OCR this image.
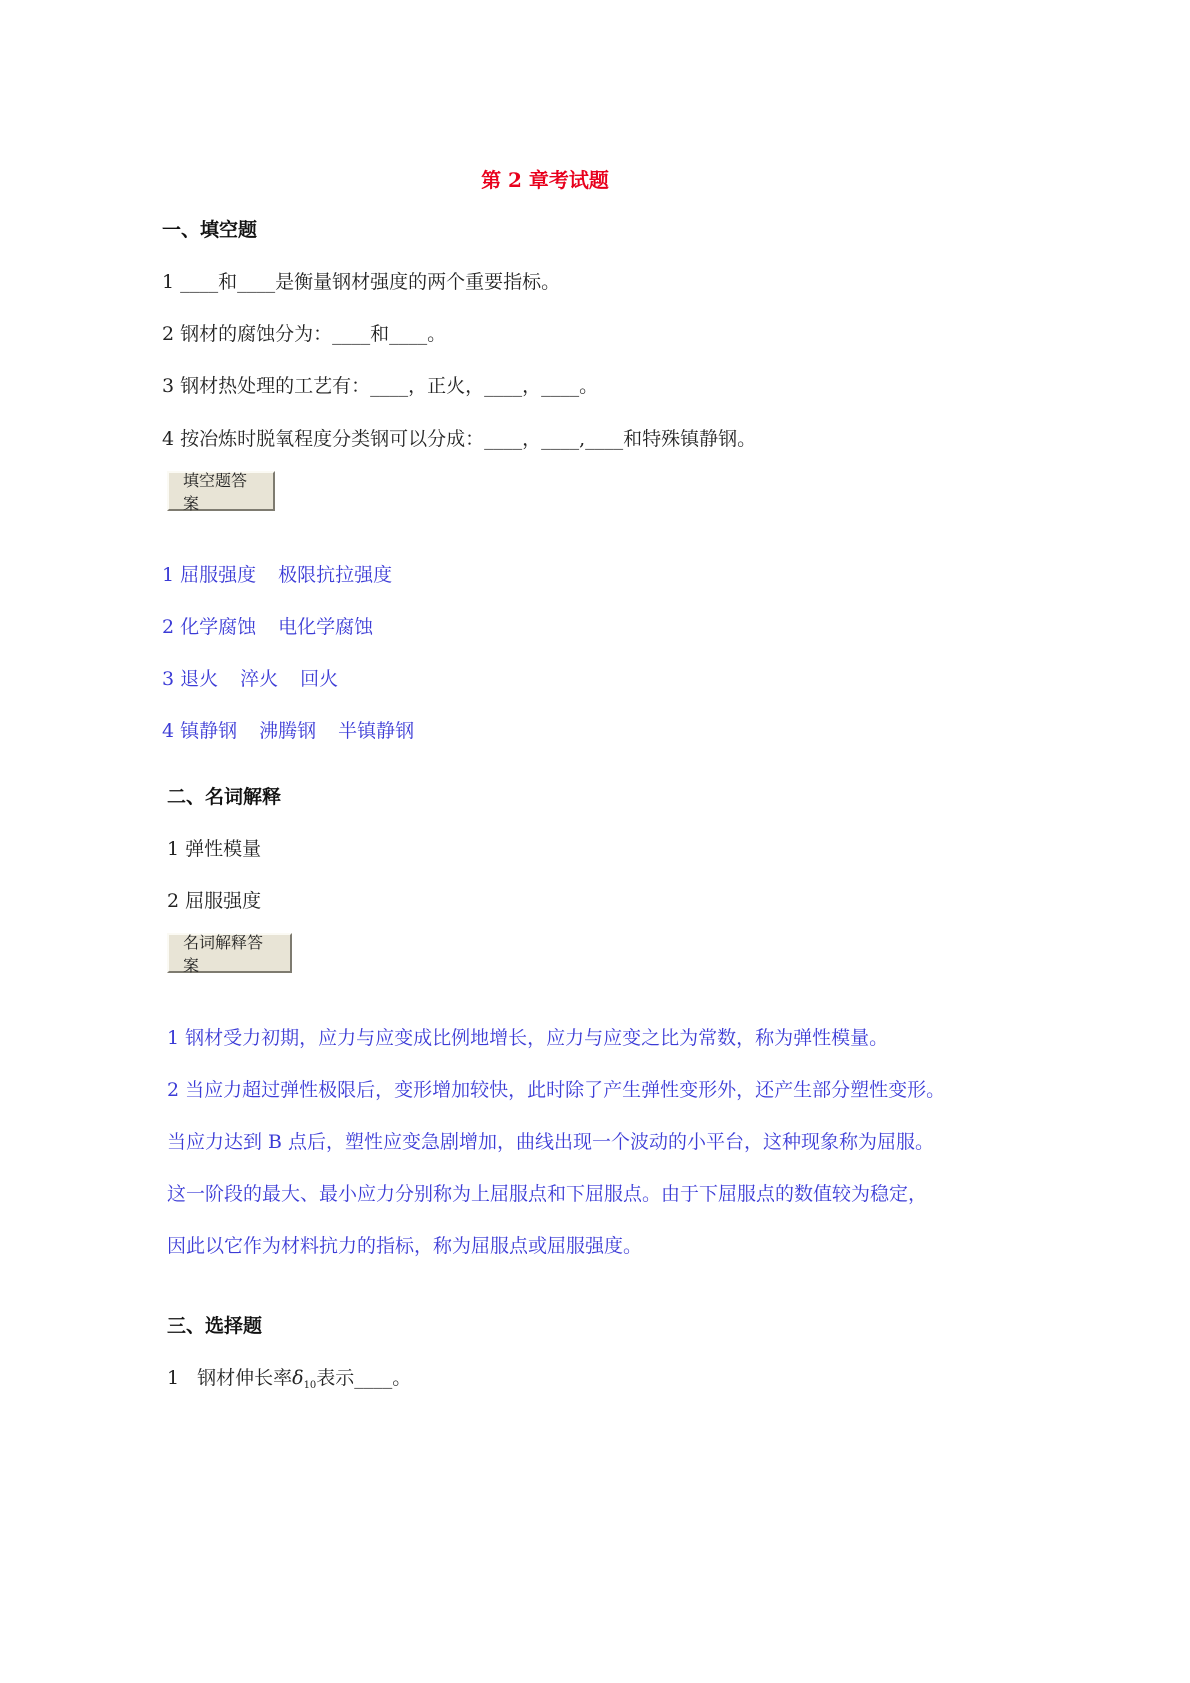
第 2 章考试题
一、填空题
1 ____和____是衡量钢材强度的两个重要指标。
2 钢材的腐蚀分为：____和____。
3 钢材热处理的工艺有：____，正火，____，____。
4 按冶炼时脱氧程度分类钢可以分成：____，____,____和特殊镇静钢。
填空题答案
1 屈服强度 极限抗拉强度
2 化学腐蚀 电化学腐蚀
3 退火 淬火 回火
4 镇静钢 沸腾钢 半镇静钢
二、名词解释
1 弹性模量
2 屈服强度
名词解释答案
1 钢材受力初期，应力与应变成比例地增长，应力与应变之比为常数，称为弹性模量。
2 当应力超过弹性极限后，变形增加较快，此时除了产生弹性变形外，还产生部分塑性变形。
当应力达到 B 点后，塑性应变急剧增加，曲线出现一个波动的小平台，这种现象称为屈服。
这一阶段的最大、最小应力分别称为上屈服点和下屈服点。由于下屈服点的数值较为稳定，
因此以它作为材料抗力的指标，称为屈服点或屈服强度。
三、选择题
1 钢材伸长率$\delta_{10}$表示____。
